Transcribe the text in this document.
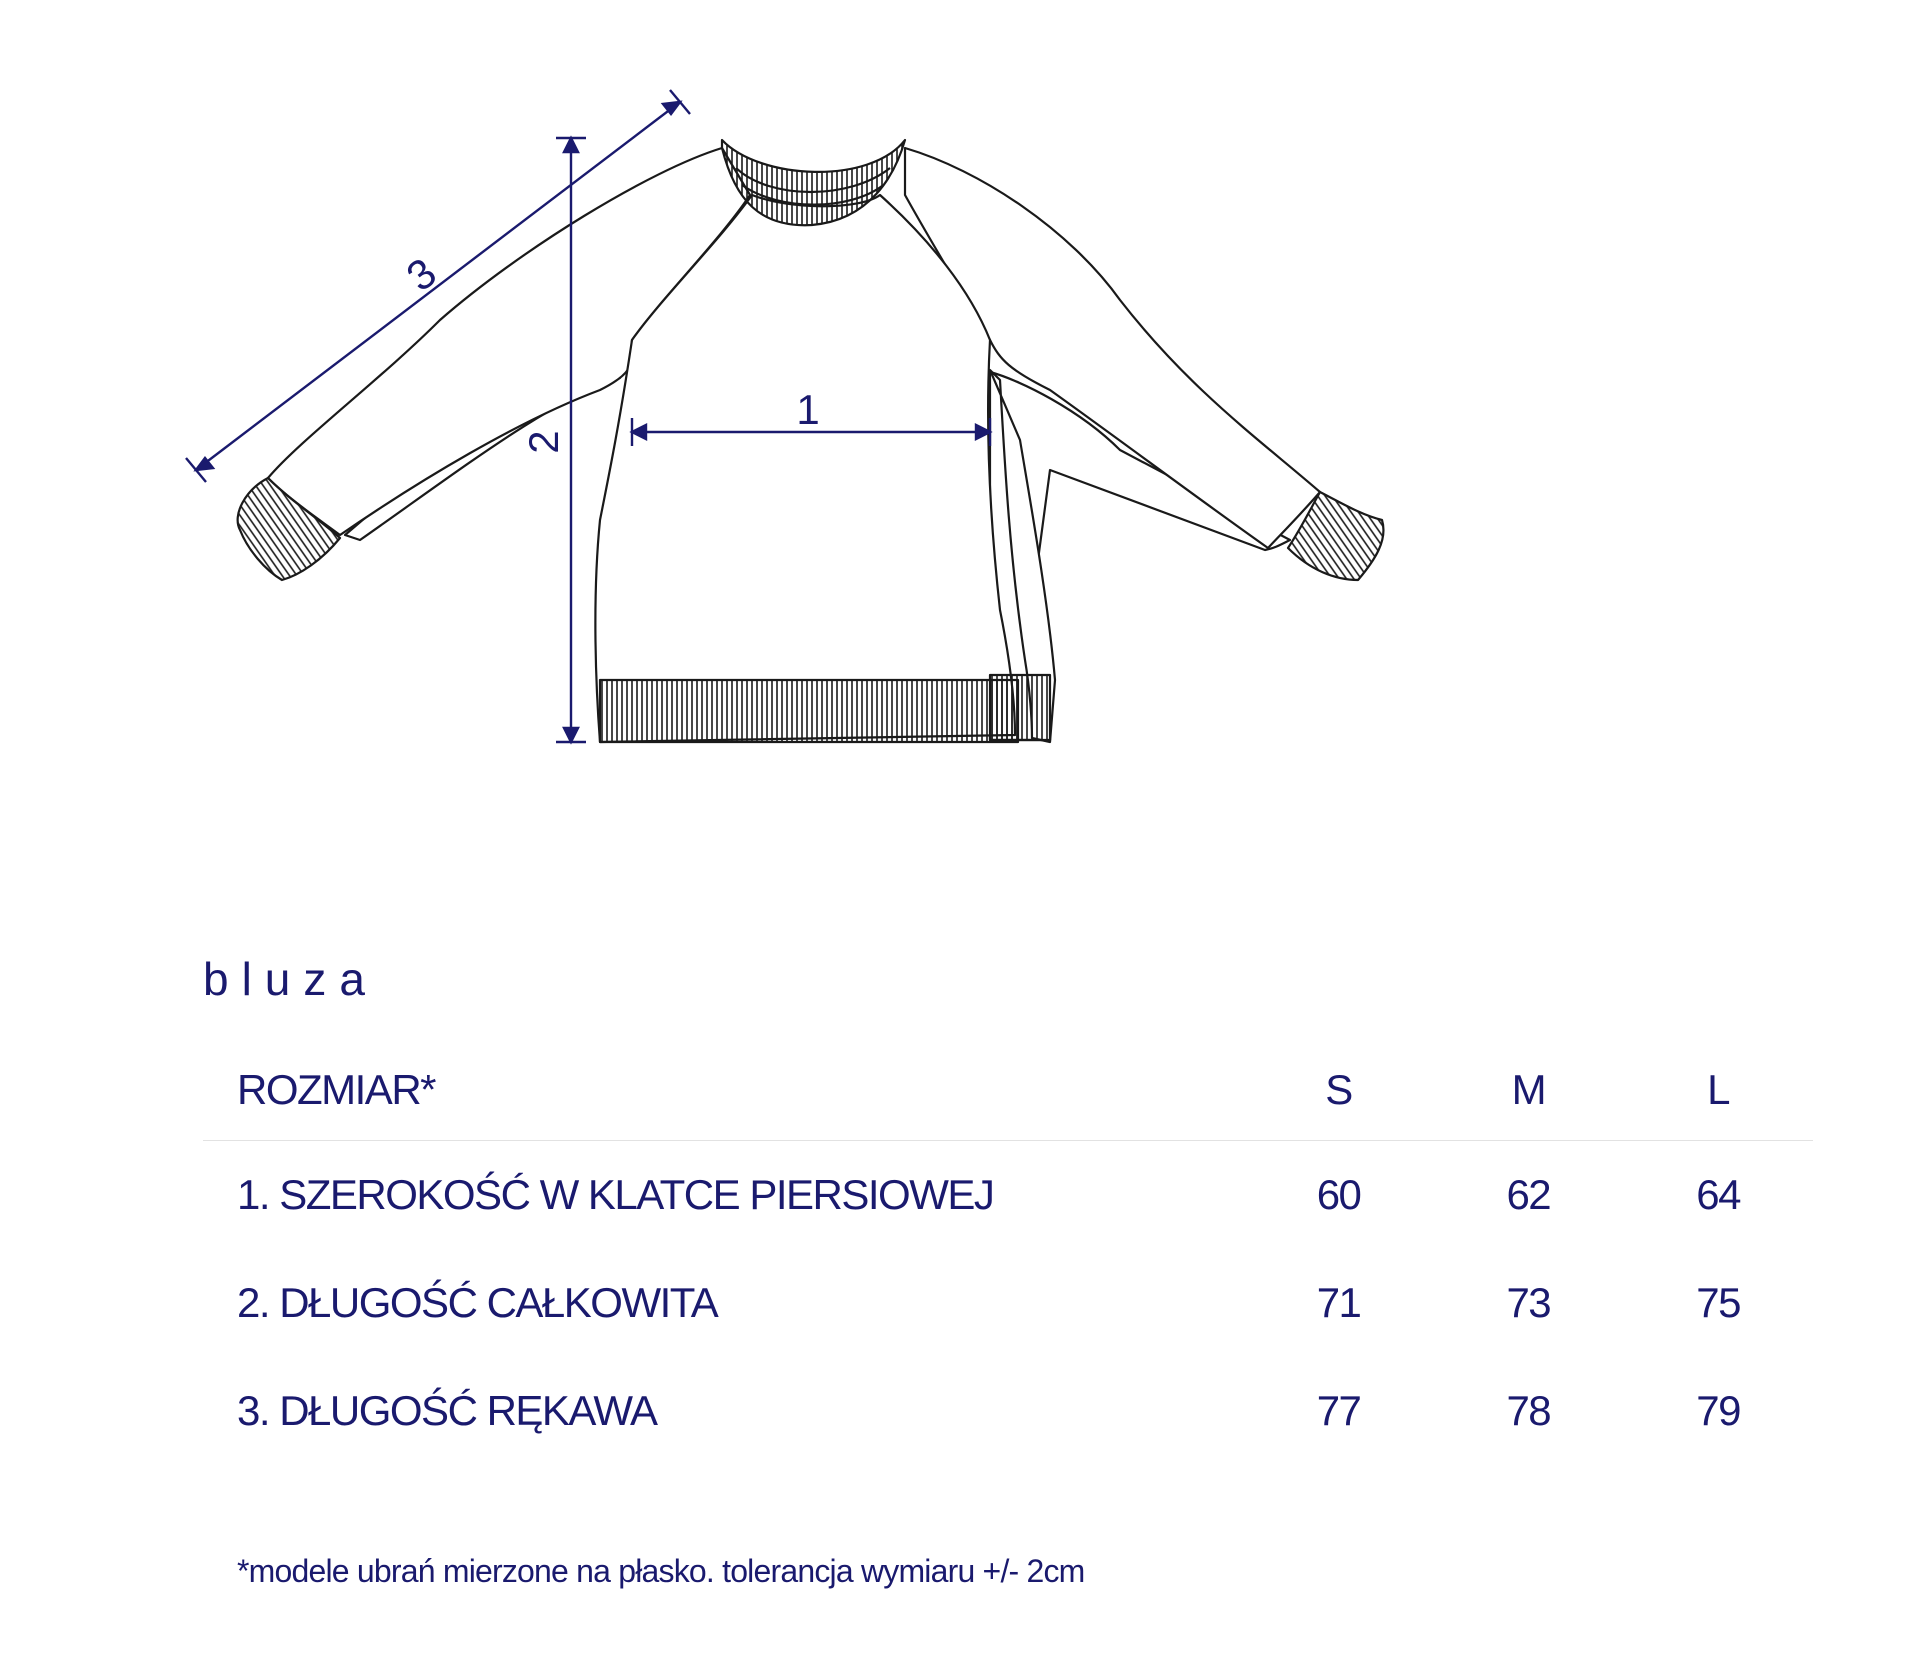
1
2
3
bluza
ROZMIAR*	S	M	L
1. SZEROKOŚĆ W KLATCE PIERSIOWEJ	60	62	64
2. DŁUGOŚĆ CAŁKOWITA	71	73	75
3. DŁUGOŚĆ RĘKAWA	77	78	79
*modele ubrań mierzone na płasko. tolerancja wymiaru +/- 2cm
